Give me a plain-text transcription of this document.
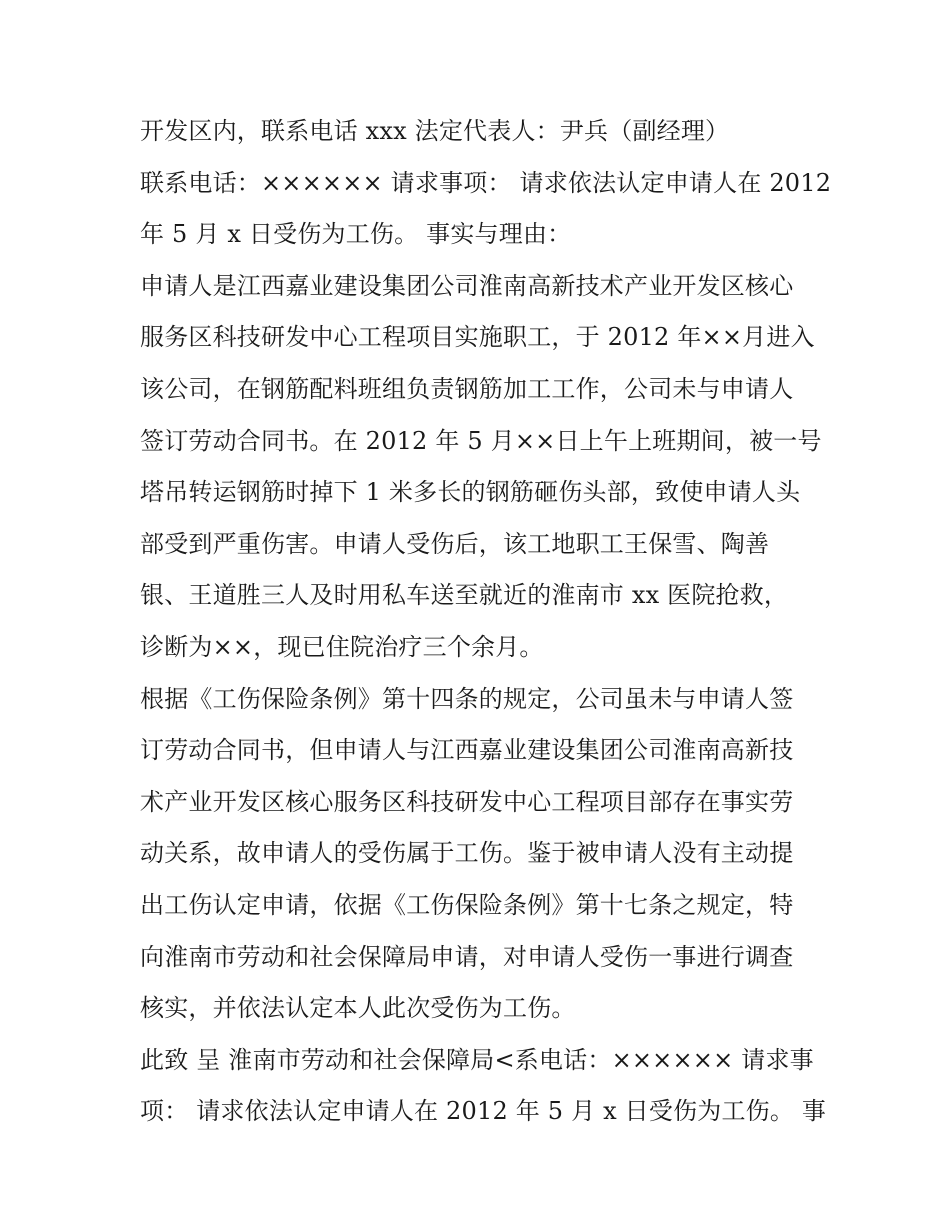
开发区内，联系电话 xxx 法定代表人：尹兵（副经理）
联系电话：×××××× 请求事项： 请求依法认定申请人在 2012
年 5 月 x 日受伤为工伤。 事实与理由：
申请人是江西嘉业建设集团公司淮南高新技术产业开发区核心
服务区科技研发中心工程项目实施职工，于 2012 年××月进入
该公司，在钢筋配料班组负责钢筋加工工作，公司未与申请人
签订劳动合同书。在 2012 年 5 月××日上午上班期间，被一号
塔吊转运钢筋时掉下 1 米多长的钢筋砸伤头部，致使申请人头
部受到严重伤害。申请人受伤后，该工地职工王保雪、陶善
银、王道胜三人及时用私车送至就近的淮南市 xx 医院抢救，
诊断为××，现已住院治疗三个余月。
根据《工伤保险条例》第十四条的规定，公司虽未与申请人签
订劳动合同书，但申请人与江西嘉业建设集团公司淮南高新技
术产业开发区核心服务区科技研发中心工程项目部存在事实劳
动关系，故申请人的受伤属于工伤。鉴于被申请人没有主动提
出工伤认定申请，依据《工伤保险条例》第十七条之规定，特
向淮南市劳动和社会保障局申请，对申请人受伤一事进行调查
核实，并依法认定本人此次受伤为工伤。
此致 呈 淮南市劳动和社会保障局<系电话：×××××× 请求事
项： 请求依法认定申请人在 2012 年 5 月 x 日受伤为工伤。 事
